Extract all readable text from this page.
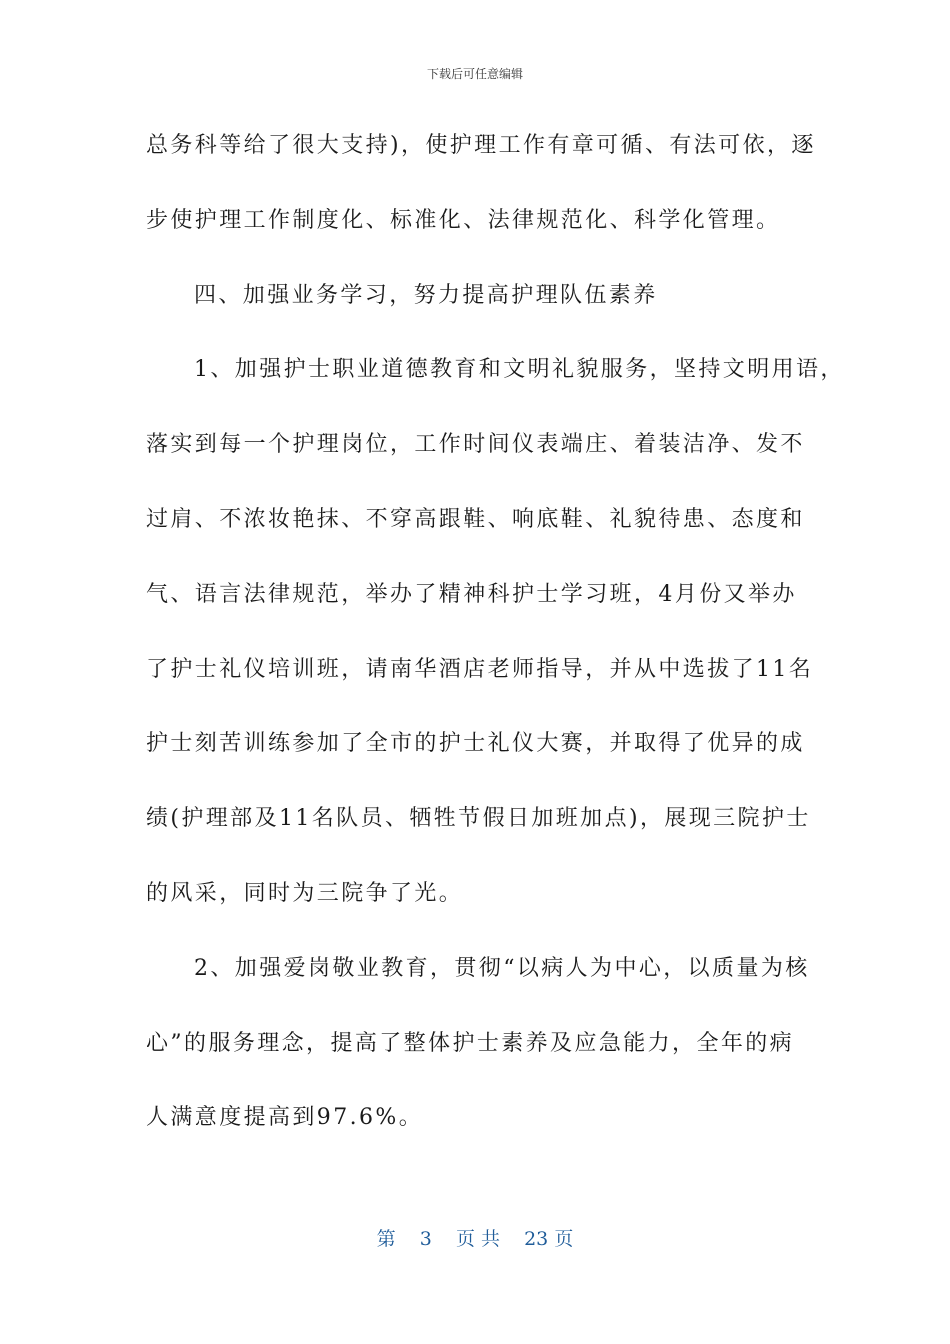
下载后可任意编辑
总务科等给了很大支持)，使护理工作有章可循、有法可依，逐
步使护理工作制度化、标准化、法律规范化、科学化管理。
四、加强业务学习，努力提高护理队伍素养
1、加强护士职业道德教育和文明礼貌服务，坚持文明用语，
落实到每一个护理岗位，工作时间仪表端庄、着装洁净、发不
过肩、不浓妆艳抹、不穿高跟鞋、响底鞋、礼貌待患、态度和
气、语言法律规范，举办了精神科护士学习班，4月份又举办
了护士礼仪培训班，请南华酒店老师指导，并从中选拔了11名
护士刻苦训练参加了全市的护士礼仪大赛，并取得了优异的成
绩(护理部及11名队员、牺牲节假日加班加点)，展现三院护士
的风采，同时为三院争了光。
2、加强爱岗敬业教育，贯彻“以病人为中心，以质量为核
心”的服务理念，提高了整体护士素养及应急能力，全年的病
人满意度提高到97.6%。
第 3 页 共 23 页
